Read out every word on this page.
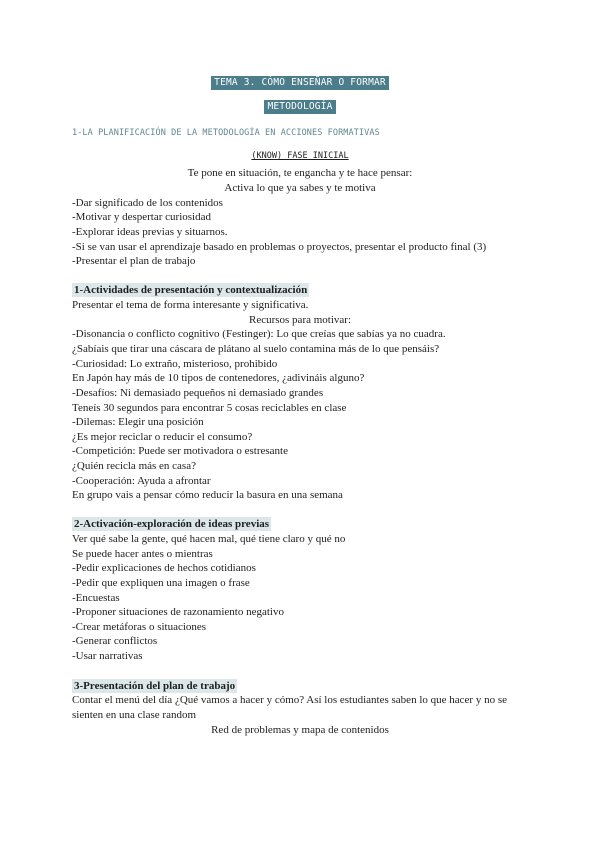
TEMA 3. CÓMO ENSEÑAR O FORMAR
METODOLOGÍA
1-LA PLANIFICACIÓN DE LA METODOLOGÍA EN ACCIONES FORMATIVAS
(KNOW) FASE INICIAL
Te pone en situación, te engancha y te hace pensar:
Activa lo que ya sabes y te motiva
-Dar significado de los contenidos
-Motivar y despertar curiosidad
-Explorar ideas previas y situarnos.
-Si se van usar el aprendizaje basado en problemas o proyectos, presentar el producto final (3)
-Presentar el plan de trabajo
1-Actividades de presentación y contextualización
Presentar el tema de forma interesante y significativa.
Recursos para motivar:
-Disonancia o conflicto cognitivo (Festinger): Lo que creías que sabías ya no cuadra.
¿Sabíais que tirar una cáscara de plátano al suelo contamina más de lo que pensáis?
-Curiosidad: Lo extraño, misterioso, prohibido
En Japón hay más de 10 tipos de contenedores, ¿adivináis alguno?
-Desafíos: Ni demasiado pequeños ni demasiado grandes
Teneís 30 segundos para encontrar 5 cosas reciclables en clase
-Dilemas: Elegir una posición
¿Es mejor reciclar o reducir el consumo?
-Competición: Puede ser motivadora o estresante
¿Quién recicla más en casa?
-Cooperación: Ayuda a afrontar
En grupo vais a pensar cómo reducir la basura en una semana
2-Activación-exploración de ideas previas
Ver qué sabe la gente, qué hacen mal, qué tiene claro y qué no
Se puede hacer antes o mientras
-Pedir explicaciones de hechos cotidianos
-Pedir que expliquen una imagen o frase
-Encuestas
-Proponer situaciones de razonamiento negativo
-Crear metáforas o situaciones
-Generar conflictos
-Usar narrativas
3-Presentación del plan de trabajo
Contar el menú del día ¿Qué vamos a hacer y cómo? Así los estudiantes saben lo que hacer y no se
sienten en una clase random
Red de problemas y mapa de contenidos
